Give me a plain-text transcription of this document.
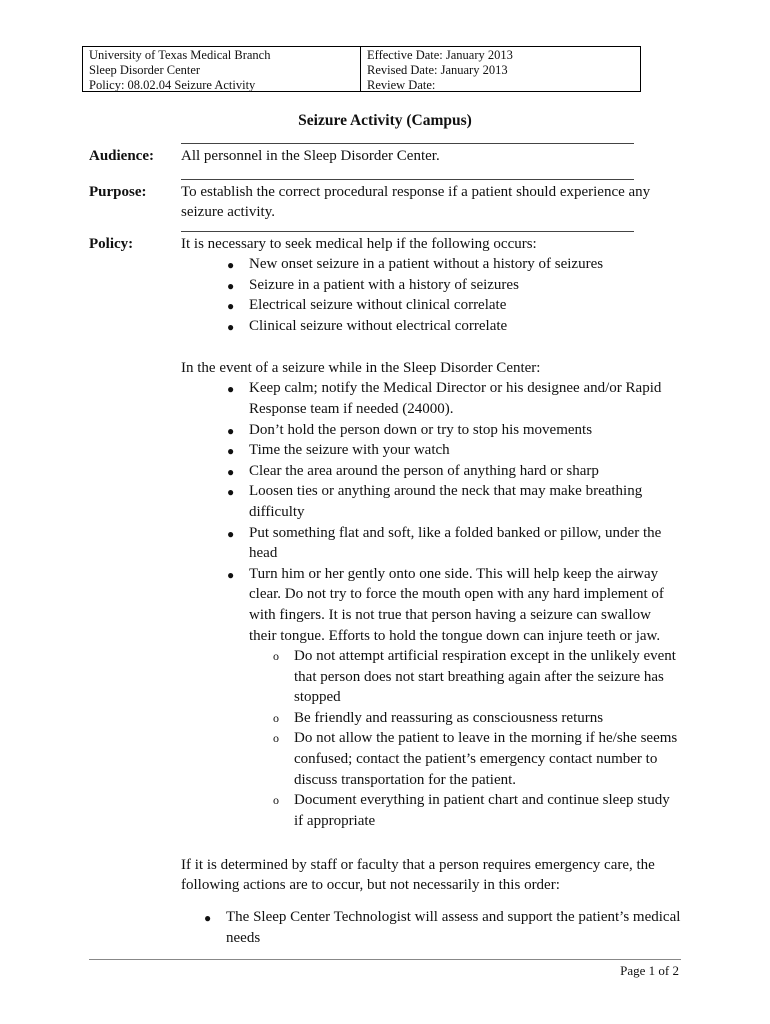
University of Texas Medical Branch
Sleep Disorder Center
Policy: 08.02.04 Seizure Activity
Effective Date: January 2013
Revised Date: January 2013
Review Date:
Seizure Activity (Campus)
Audience: All personnel in the Sleep Disorder Center.
Purpose: To establish the correct procedural response if a patient should experience any seizure activity.
Policy:	It is necessary to seek medical help if the following occurs:
● New onset seizure in a patient without a history of seizures
● Seizure in a patient with a history of seizures
● Electrical seizure without clinical correlate
● Clinical seizure without electrical correlate
In the event of a seizure while in the Sleep Disorder Center:
● Keep calm; notify the Medical Director or his designee and/or Rapid Response team if needed (24000).
● Don’t hold the person down or try to stop his movements
● Time the seizure with your watch
● Clear the area around the person of anything hard or sharp
● Loosen ties or anything around the neck that may make breathing difficulty
● Put something flat and soft, like a folded banked or pillow, under the head
● Turn him or her gently onto one side. This will help keep the airway clear. Do not try to force the mouth open with any hard implement of with fingers. It is not true that person having a seizure can swallow their tongue. Efforts to hold the tongue down can injure teeth or jaw.
o Do not attempt artificial respiration except in the unlikely event that person does not start breathing again after the seizure has stopped
o Be friendly and reassuring as consciousness returns
o Do not allow the patient to leave in the morning if he/she seems confused; contact the patient’s emergency contact number to discuss transportation for the patient.
o Document everything in patient chart and continue sleep study if appropriate
If it is determined by staff or faculty that a person requires emergency care, the following actions are to occur, but not necessarily in this order:
● The Sleep Center Technologist will assess and support the patient’s medical needs
Page 1 of 2
